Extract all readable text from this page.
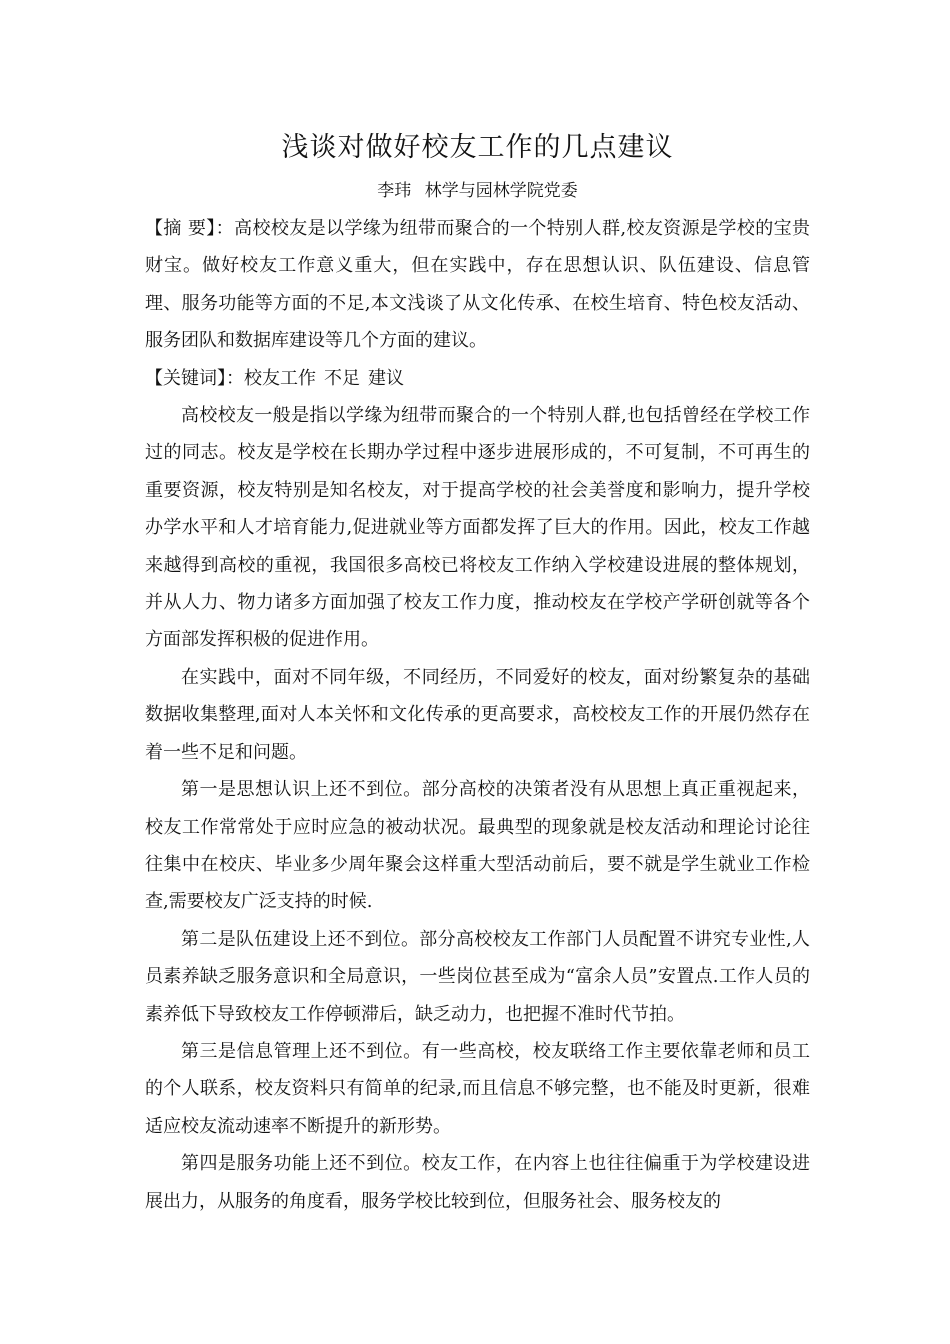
浅谈对做好校友工作的几点建议
李玮 林学与园林学院党委

【摘 要】：高校校友是以学缘为纽带而聚合的一个特别人群,校友资源是学校的宝贵财宝。做好校友工作意义重大，但在实践中，存在思想认识、队伍建设、信息管理、服务功能等方面的不足,本文浅谈了从文化传承、在校生培育、特色校友活动、服务团队和数据库建设等几个方面的建议。

【关键词】：校友工作 不足 建议

高校校友一般是指以学缘为纽带而聚合的一个特别人群,也包括曾经在学校工作过的同志。校友是学校在长期办学过程中逐步进展形成的，不可复制，不可再生的重要资源，校友特别是知名校友，对于提高学校的社会美誉度和影响力，提升学校办学水平和人才培育能力,促进就业等方面都发挥了巨大的作用。因此，校友工作越来越得到高校的重视，我国很多高校已将校友工作纳入学校建设进展的整体规划，并从人力、物力诸多方面加强了校友工作力度，推动校友在学校产学研创就等各个方面部发挥积极的促进作用。

在实践中，面对不同年级，不同经历，不同爱好的校友，面对纷繁复杂的基础数据收集整理,面对人本关怀和文化传承的更高要求，高校校友工作的开展仍然存在着一些不足和问题。

第一是思想认识上还不到位。部分高校的决策者没有从思想上真正重视起来，校友工作常常处于应时应急的被动状况。最典型的现象就是校友活动和理论讨论往往集中在校庆、毕业多少周年聚会这样重大型活动前后，要不就是学生就业工作检查,需要校友广泛支持的时候.

第二是队伍建设上还不到位。部分高校校友工作部门人员配置不讲究专业性,人员素养缺乏服务意识和全局意识，一些岗位甚至成为“富余人员”安置点.工作人员的素养低下导致校友工作停顿滞后，缺乏动力，也把握不准时代节拍。

第三是信息管理上还不到位。有一些高校，校友联络工作主要依靠老师和员工的个人联系，校友资料只有简单的纪录,而且信息不够完整，也不能及时更新，很难适应校友流动速率不断提升的新形势。

第四是服务功能上还不到位。校友工作，在内容上也往往偏重于为学校建设进展出力，从服务的角度看，服务学校比较到位，但服务社会、服务校友的
